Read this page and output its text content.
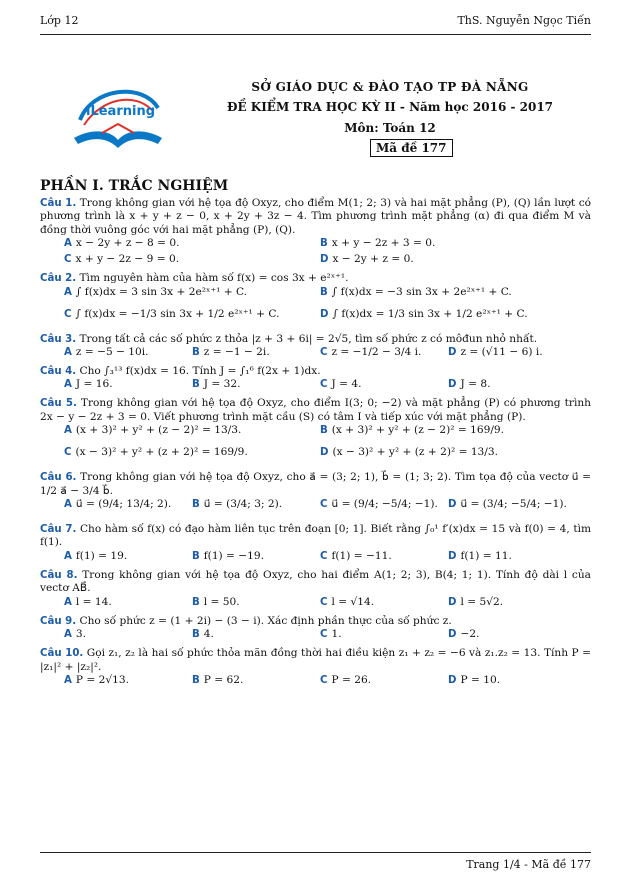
Lớp 12	ThS. Nguyễn Ngọc Tiến
iLearning
SỞ GIÁO DỤC & ĐÀO TẠO TP ĐÀ NẴNG
ĐỀ KIỂM TRA HỌC KỲ II - Năm học 2016 - 2017
Môn: Toán 12
Mã đề 177
PHẦN I. TRẮC NGHIỆM
Câu 1. Trong không gian với hệ tọa độ Oxyz, cho điểm M(1; 2; 3) và hai mặt phẳng (P), (Q) lần lượt có phương trình là x + y + z − 0, x + 2y + 3z − 4. Tìm phương trình mặt phẳng (α) đi qua điểm M và đồng thời vuông góc với hai mặt phẳng (P), (Q).
A x − 2y + z − 8 = 0.	B x + y − 2z + 3 = 0.
C x + y − 2z − 9 = 0.	D x − 2y + z = 0.
Câu 2. Tìm nguyên hàm của hàm số f(x) = cos 3x + e²ˣ⁺¹.
A ∫ f(x)dx = 3 sin 3x + 2e²ˣ⁺¹ + C.	B ∫ f(x)dx = −3 sin 3x + 2e²ˣ⁺¹ + C.
C ∫ f(x)dx = −1/3 sin 3x + 1/2 e²ˣ⁺¹ + C.	D ∫ f(x)dx = 1/3 sin 3x + 1/2 e²ˣ⁺¹ + C.
Câu 3. Trong tất cả các số phức z thỏa |z + 3 + 6i| = 2√5, tìm số phức z có môđun nhỏ nhất.
A z = −5 − 10i.	B z = −1 − 2i.	C z = −1/2 − 3/4 i.	D z = (√11 − 6) i.
Câu 4. Cho ∫₃¹³ f(x)dx = 16. Tính J = ∫₁⁶ f(2x + 1)dx.
A J = 16.	B J = 32.	C J = 4.	D J = 8.
Câu 5. Trong không gian với hệ tọa độ Oxyz, cho điểm I(3; 0; −2) và mặt phẳng (P) có phương trình 2x − y − 2z + 3 = 0. Viết phương trình mặt cầu (S) có tâm I và tiếp xúc với mặt phẳng (P).
A (x + 3)² + y² + (z − 2)² = 13/3.	B (x + 3)² + y² + (z − 2)² = 169/9.
C (x − 3)² + y² + (z + 2)² = 169/9.	D (x − 3)² + y² + (z + 2)² = 13/3.
Câu 6. Trong không gian với hệ tọa độ Oxyz, cho a⃗ = (3; 2; 1), b⃗ = (1; 3; 2). Tìm tọa độ của vectơ u⃗ = 1/2 a⃗ − 3/4 b⃗.
A u⃗ = (9/4; 13/4; 2). B u⃗ = (3/4; 3; 2).	C u⃗ = (9/4; −5/4; −1). D u⃗ = (3/4; −5/4; −1).
Câu 7. Cho hàm số f(x) có đạo hàm liên tục trên đoạn [0; 1]. Biết rằng ∫₀¹ f′(x)dx = 15 và f(0) = 4, tìm f(1).
A f(1) = 19.	B f(1) = −19.	C f(1) = −11.	D f(1) = 11.
Câu 8. Trong không gian với hệ tọa độ Oxyz, cho hai điểm A(1; 2; 3), B(4; 1; 1). Tính độ dài l của vectơ AB⃗.
A l = 14.	B l = 50.	C l = √14.	D l = 5√2.
Câu 9. Cho số phức z = (1 + 2i) − (3 − i). Xác định phần thực của số phức z.
A 3.	B 4.	C 1.	D −2.
Câu 10. Gọi z₁, z₂ là hai số phức thỏa mãn đồng thời hai điều kiện z₁ + z₂ = −6 và z₁.z₂ = 13. Tính P = |z₁|² + |z₂|².
A P = 2√13.	B P = 62.	C P = 26.	D P = 10.
Trang 1/4 - Mã đề 177
